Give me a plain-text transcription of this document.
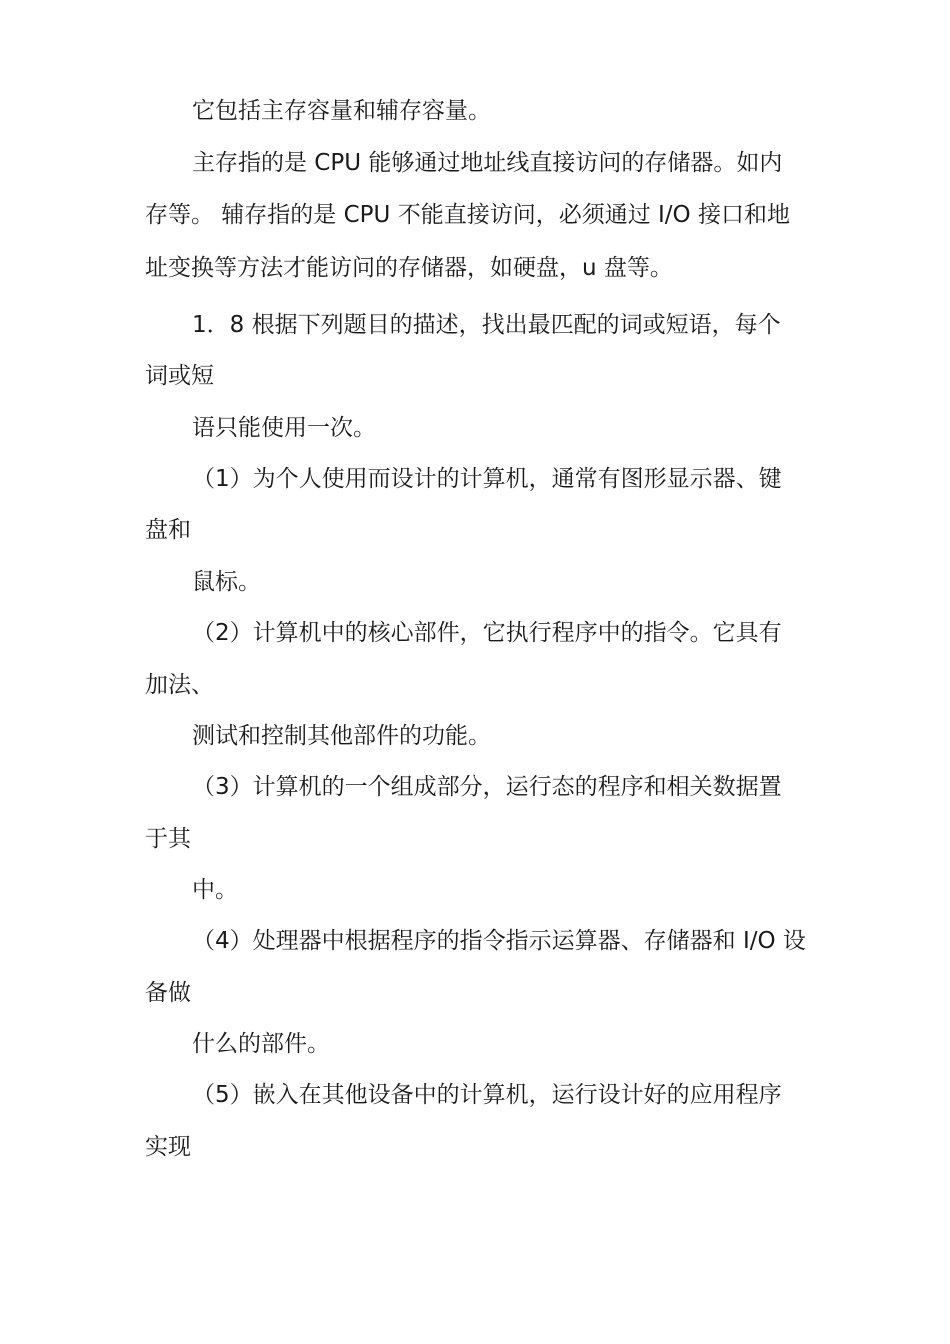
它包括主存容量和辅存容量。
主存指的是 CPU 能够通过地址线直接访问的存储器。如内
存等。 辅存指的是 CPU 不能直接访问，必须通过 I/O 接口和地
址变换等方法才能访问的存储器，如硬盘，u 盘等。
1．8 根据下列题目的描述，找出最匹配的词或短语，每个
词或短
语只能使用一次。
（1）为个人使用而设计的计算机，通常有图形显示器、键
盘和
鼠标。
（2）计算机中的核心部件，它执行程序中的指令。它具有
加法、
测试和控制其他部件的功能。
（3）计算机的一个组成部分，运行态的程序和相关数据置
于其
中。
（4）处理器中根据程序的指令指示运算器、存储器和 I/O 设
备做
什么的部件。
（5）嵌入在其他设备中的计算机，运行设计好的应用程序
实现
